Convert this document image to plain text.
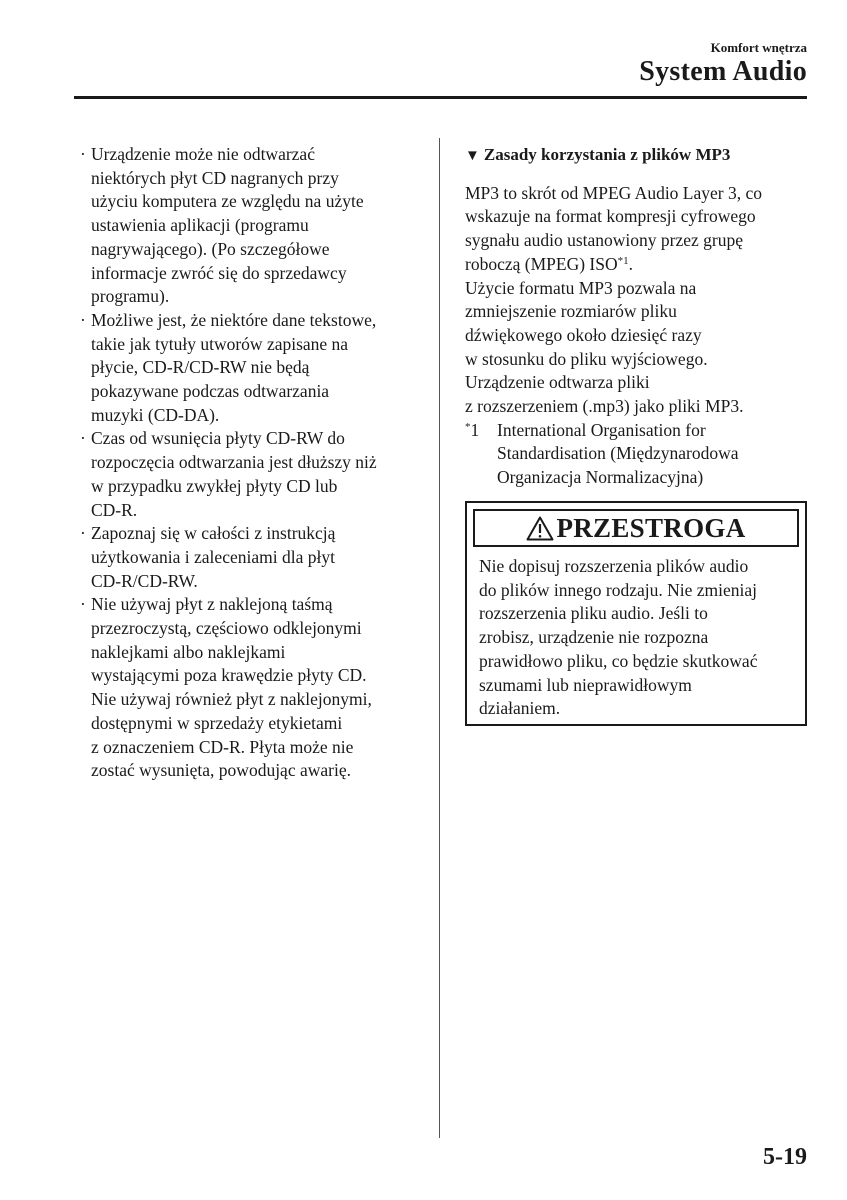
Komfort wnętrza
System Audio
· Urządzenie może nie odtwarzać
niektórych płyt CD nagranych przy
użyciu komputera ze względu na użyte
ustawienia aplikacji (programu
nagrywającego). (Po szczegółowe
informacje zwróć się do sprzedawcy
programu).
· Możliwe jest, że niektóre dane tekstowe,
takie jak tytuły utworów zapisane na
płycie, CD-R/CD-RW nie będą
pokazywane podczas odtwarzania
muzyki (CD-DA).
· Czas od wsunięcia płyty CD-RW do
rozpoczęcia odtwarzania jest dłuższy niż
w przypadku zwykłej płyty CD lub
CD-R.
· Zapoznaj się w całości z instrukcją
użytkowania i zaleceniami dla płyt
CD-R/CD-RW.
· Nie używaj płyt z naklejoną taśmą
przezroczystą, częściowo odklejonymi
naklejkami albo naklejkami
wystającymi poza krawędzie płyty CD.
Nie używaj również płyt z naklejonymi,
dostępnymi w sprzedaży etykietami
z oznaczeniem CD-R. Płyta może nie
zostać wysunięta, powodując awarię.
▼ Zasady korzystania z plików MP3
MP3 to skrót od MPEG Audio Layer 3, co
wskazuje na format kompresji cyfrowego
sygnału audio ustanowiony przez grupę
roboczą (MPEG) ISO$^{*1}$.
Użycie formatu MP3 pozwala na
zmniejszenie rozmiarów pliku
dźwiękowego około dziesięć razy
w stosunku do pliku wyjściowego.
Urządzenie odtwarza pliki
z rozszerzeniem (.mp3) jako pliki MP3.
*1 International Organisation for
Standardisation (Międzynarodowa
Organizacja Normalizacyjna)
PRZESTROGA
Nie dopisuj rozszerzenia plików audio
do plików innego rodzaju. Nie zmieniaj
rozszerzenia pliku audio. Jeśli to
zrobisz, urządzenie nie rozpozna
prawidłowo pliku, co będzie skutkować
szumami lub nieprawidłowym
działaniem.
5-19
